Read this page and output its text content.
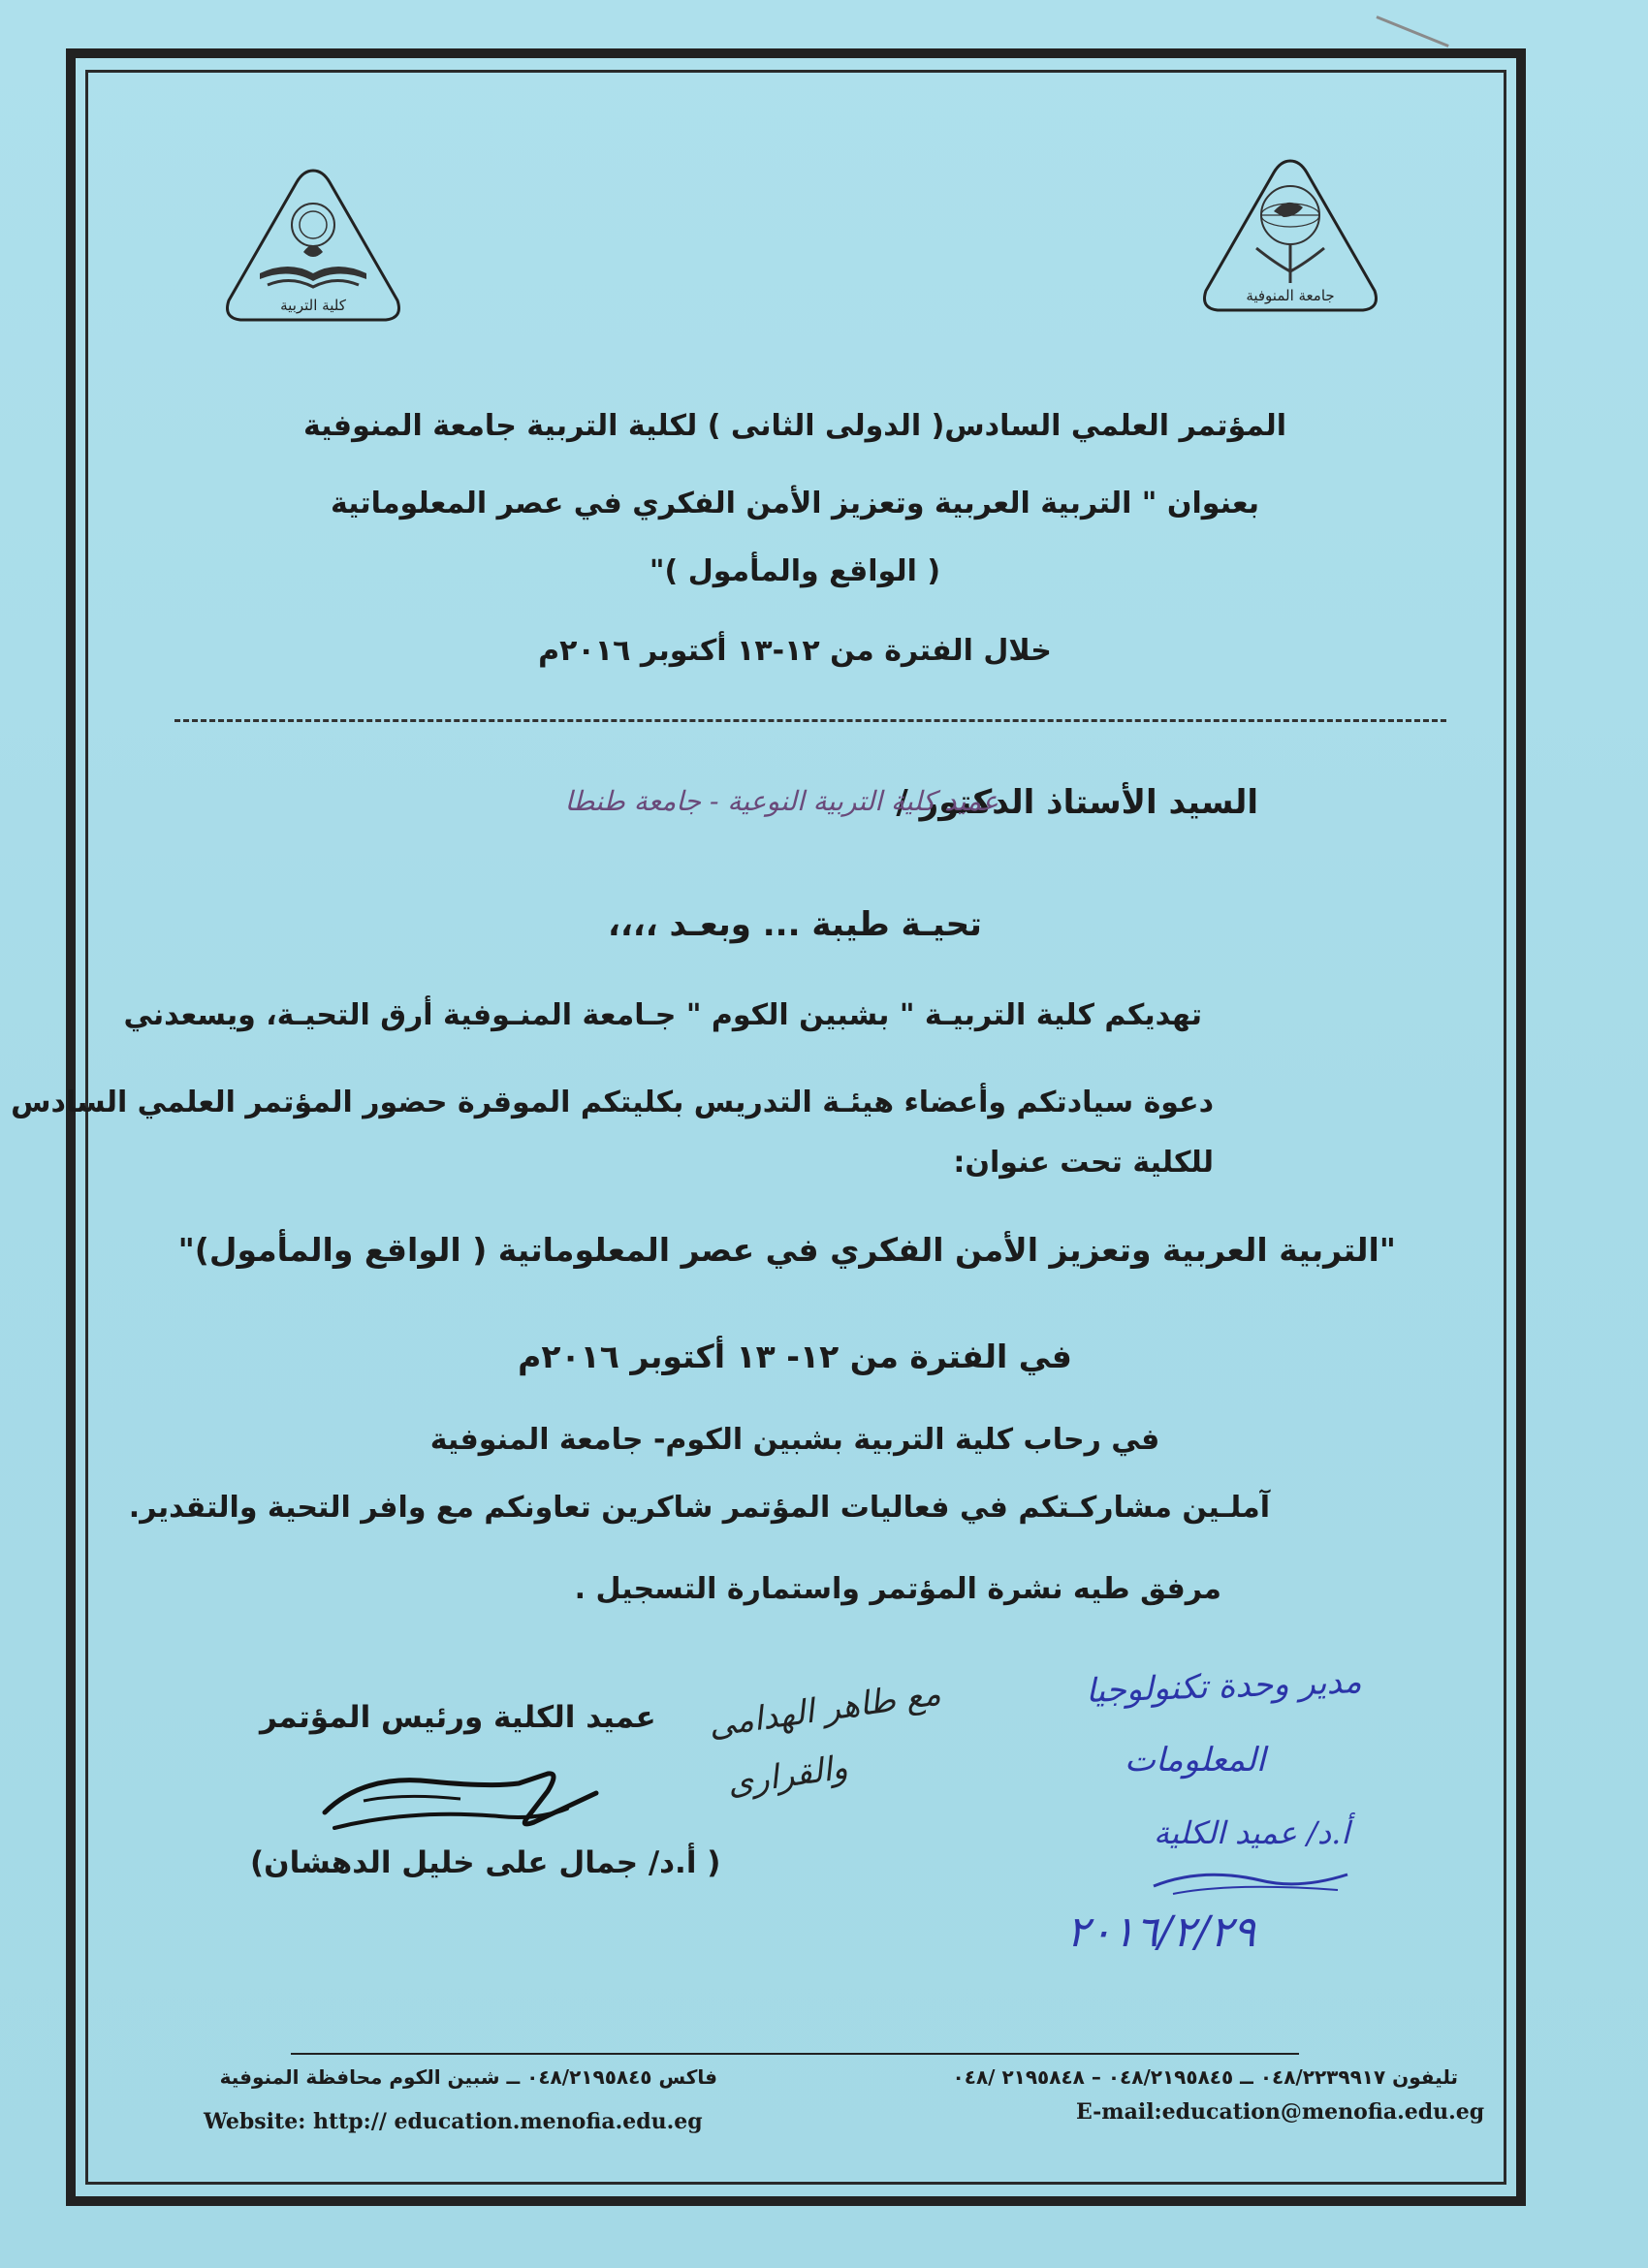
كلية التربية
جامعة المنوفية
المؤتمر العلمي السادس( الدولى الثانى ) لكلية التربية جامعة المنوفية
بعنوان " التربية العربية وتعزيز الأمن الفكري في عصر المعلوماتية
( الواقع والمأمول )"
خلال الفترة من ١٢-١٣ أكتوبر ٢٠١٦م
السيد الأستاذ الدكتور /
عميد كلية التربية النوعية - جامعة طنطا
تحيـة طيبة ... وبعـد ،،،،
تهديكم كلية التربيـة " بشبين الكوم " جـامعة المنـوفية أرق التحيـة، ويسعدني
دعوة سيادتكم وأعضاء هيئـة التدريس بكليتكم الموقرة حضور المؤتمر العلمي السادس
للكلية تحت عنوان:
"التربية العربية وتعزيز الأمن الفكري في عصر المعلوماتية ( الواقع والمأمول)"
في الفترة من ١٢- ١٣ أكتوبر ٢٠١٦م
في رحاب كلية التربية بشبين الكوم- جامعة المنوفية
آملـين مشاركـتكم في فعاليات المؤتمر شاكرين تعاونكم مع وافر التحية والتقدير.
مرفق طيه نشرة المؤتمر واستمارة التسجيل .
عميد الكلية ورئيس المؤتمر
( أ.د/ جمال على خليل الدهشان)
مع طاهر الهدامى
والقرارى
مدير وحدة تكنولوجيا
المعلومات
أ.د/ عميد الكلية
٢٠١٦/٢/٢٩
تليفون ٠٤٨/٢٢٣٩٩١٧ ــ ٠٤٨/٢١٩٥٨٤٥ – ٢١٩٥٨٤٨ /٠٤٨
فاكس ٠٤٨/٢١٩٥٨٤٥ ــ شبين الكوم محافظة المنوفية
Website: http:// education.menofia.edu.eg	E-mail:education@menofia.edu.eg
